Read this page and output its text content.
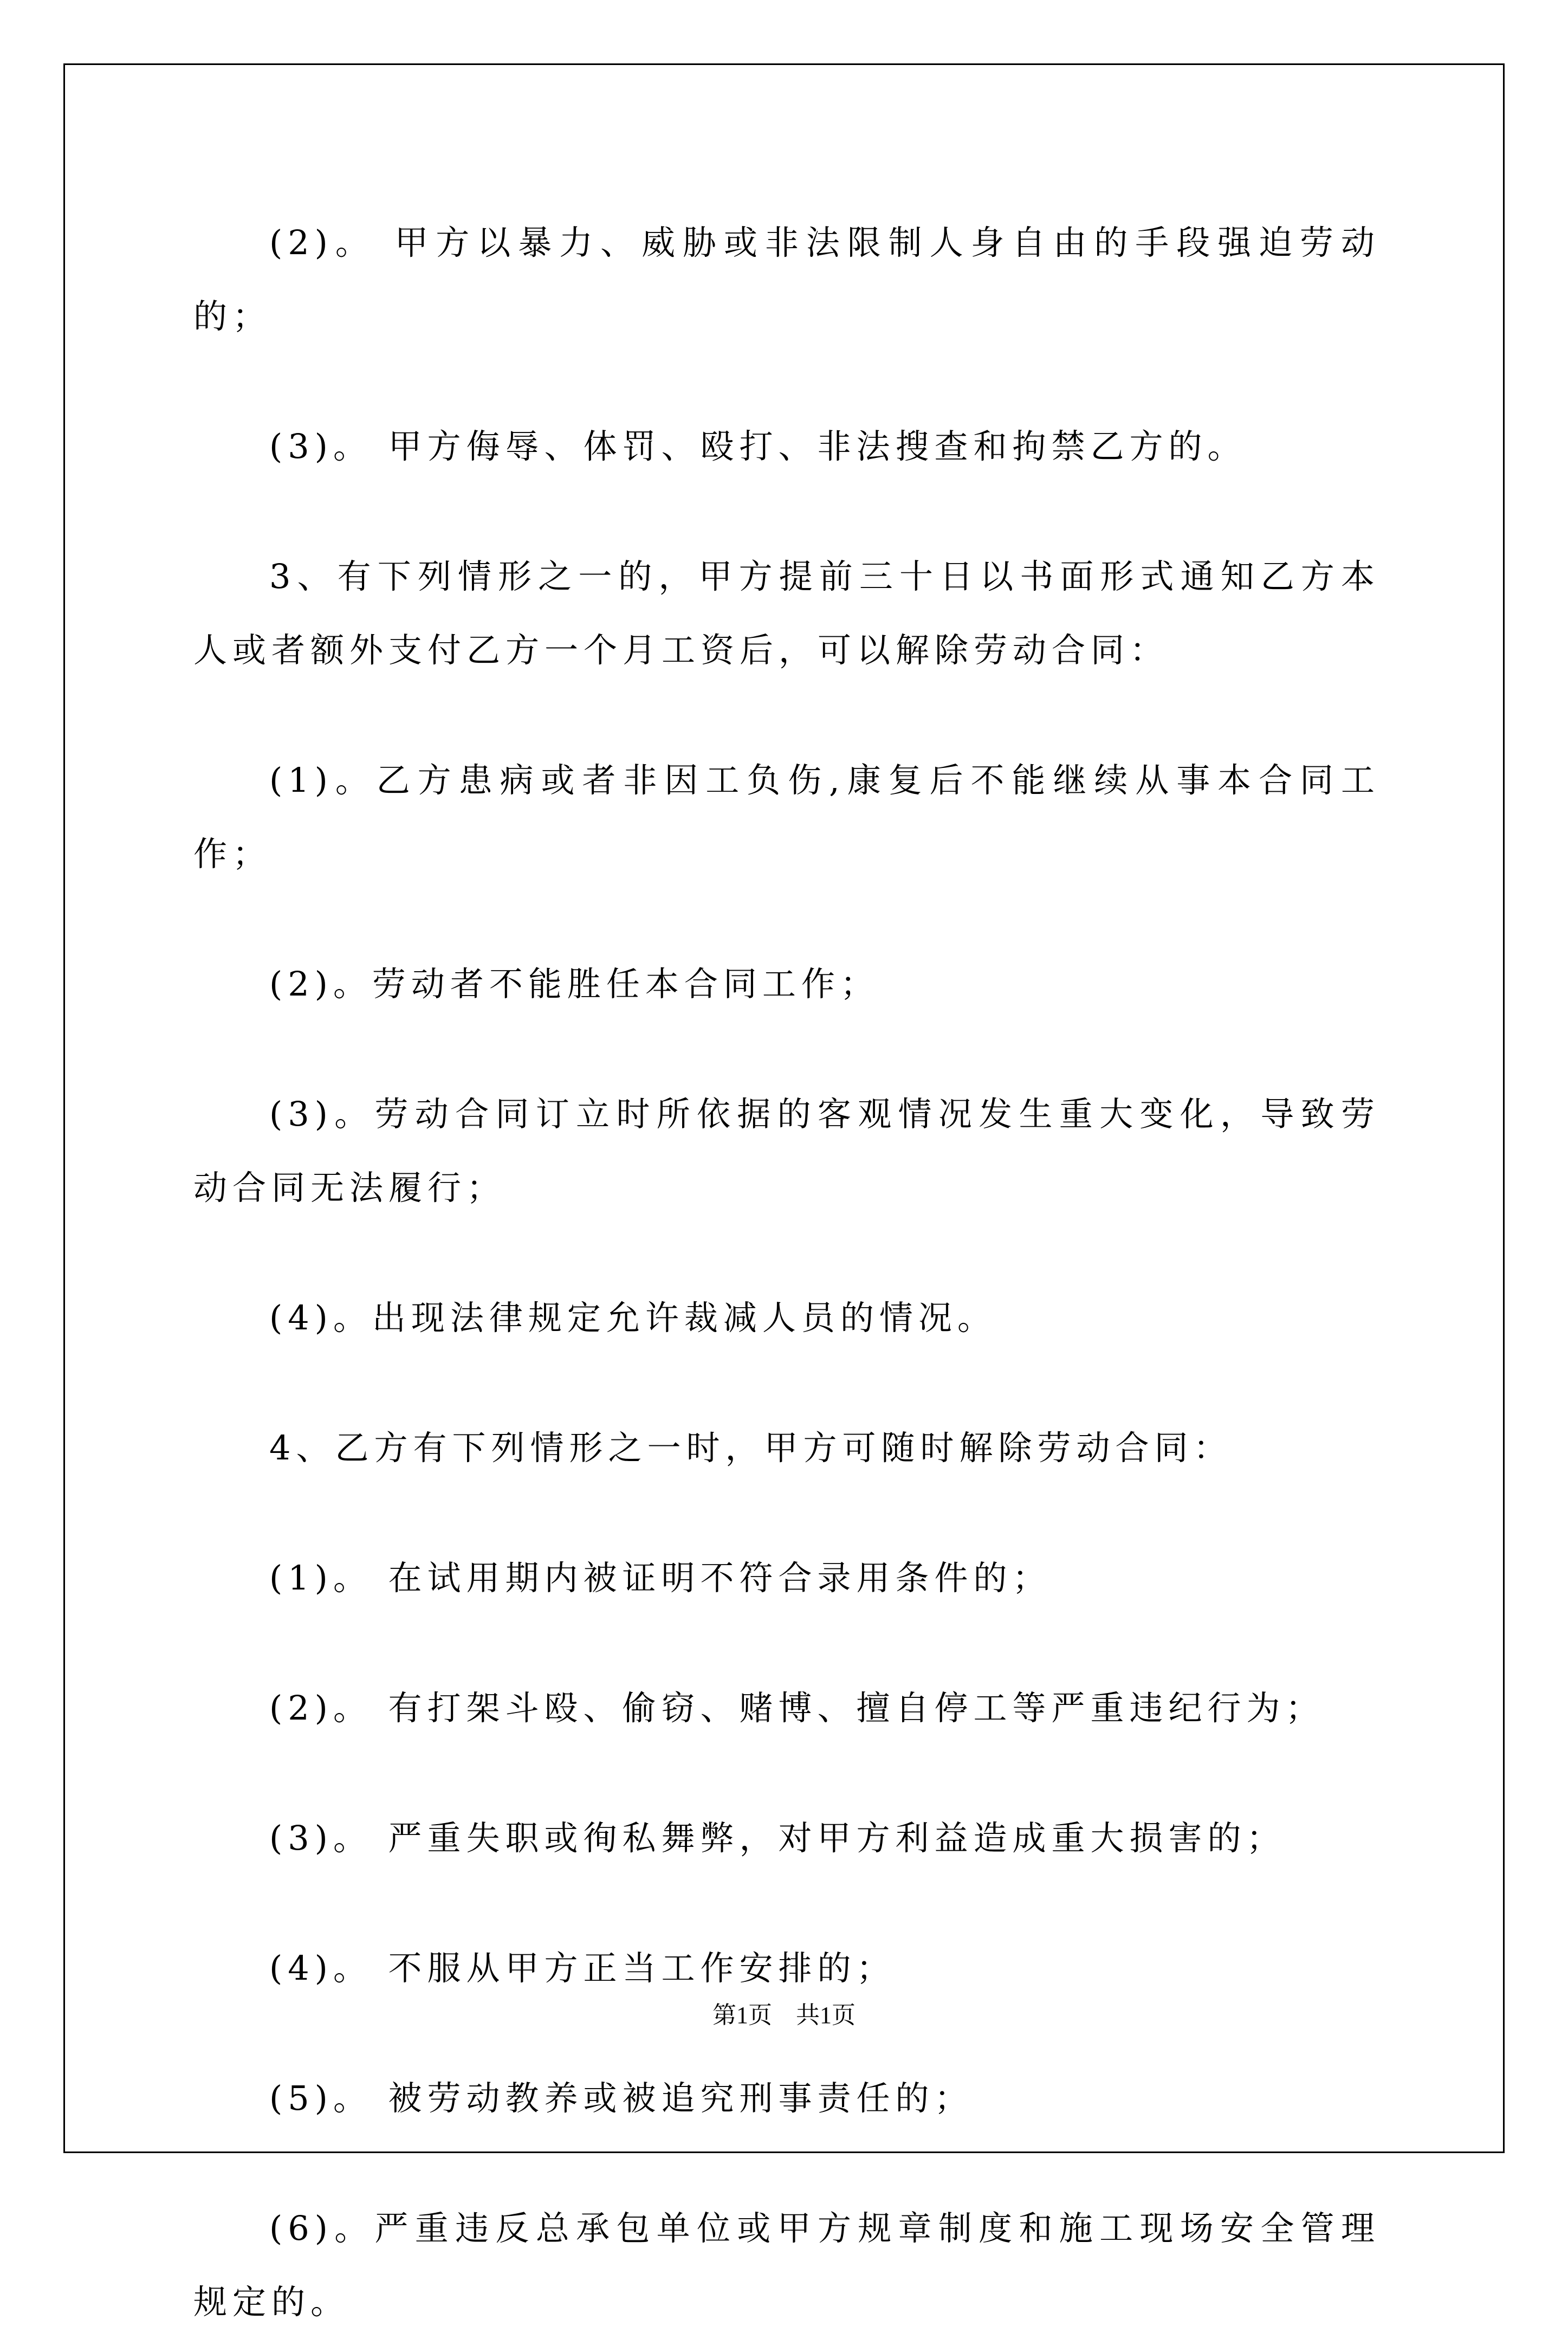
(2)。 甲方以暴力、威胁或非法限制人身自由的手段强迫劳动的；

(3)。 甲方侮辱、体罚、殴打、非法搜查和拘禁乙方的。

3、有下列情形之一的，甲方提前三十日以书面形式通知乙方本人或者额外支付乙方一个月工资后，可以解除劳动合同：

(1)。乙方患病或者非因工负伤,康复后不能继续从事本合同工作；

(2)。劳动者不能胜任本合同工作；

(3)。劳动合同订立时所依据的客观情况发生重大变化，导致劳动合同无法履行；

(4)。出现法律规定允许裁减人员的情况。

4、乙方有下列情形之一时，甲方可随时解除劳动合同：

(1)。 在试用期内被证明不符合录用条件的；

(2)。 有打架斗殴、偷窃、赌博、擅自停工等严重违纪行为；

(3)。 严重失职或徇私舞弊，对甲方利益造成重大损害的；

(4)。 不服从甲方正当工作安排的；

(5)。 被劳动教养或被追究刑事责任的；

(6)。严重违反总承包单位或甲方规章制度和施工现场安全管理规定的。

第1页　共1页
